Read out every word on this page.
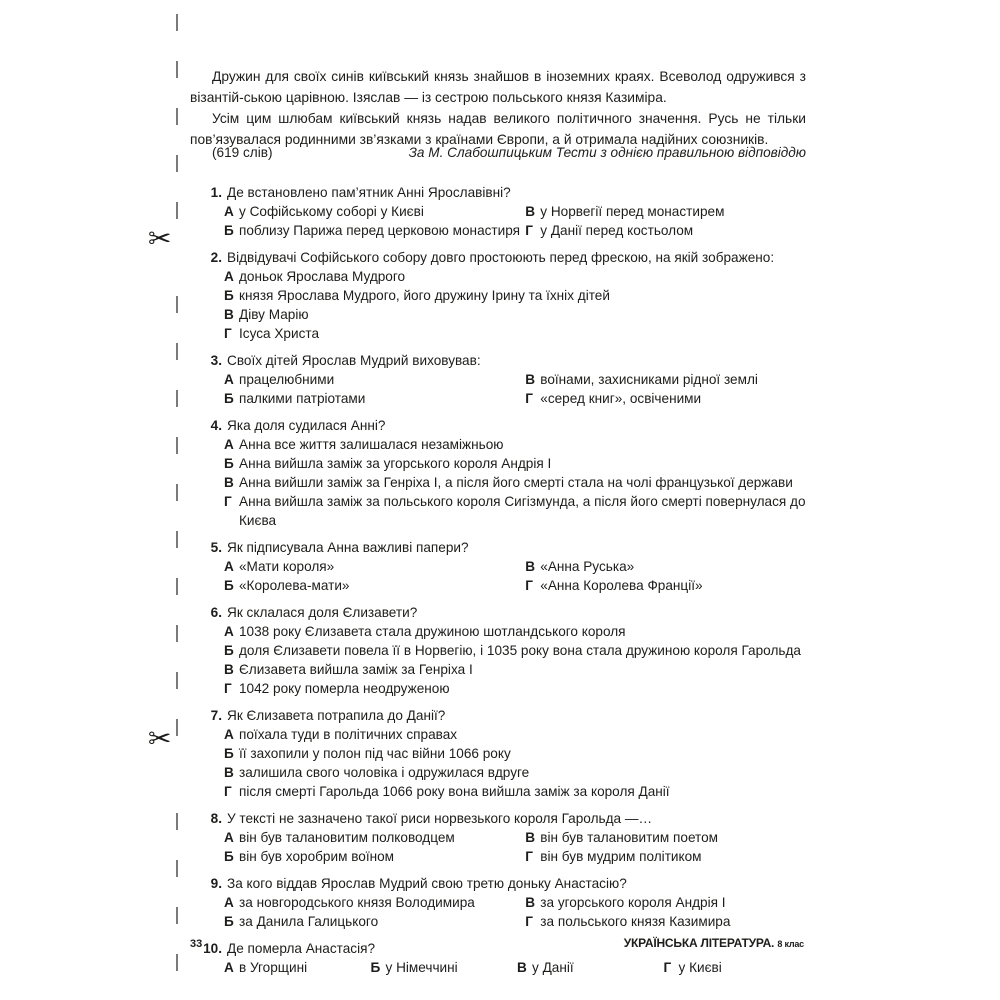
✂
✂

Дружин для своїх синів київський князь знайшов в іноземних краях. Всеволод одружився з візантій-ською царівною. Ізяслав — із сестрою польського князя Казиміра.

Усім цим шлюбам київський князь надав великого політичного значення. Русь не тільки пов’язувалася родинними зв’язками з країнами Європи, а й отримала надійних союзників.

(619 слів)	За М. Слабошпицьким Тести з однією правильною відповіддю
1. Де встановлено пам’ятник Анні Ярославівні?
А у Софійському соборі у Києві	В у Норвегії перед монастирем
Б поблизу Парижа перед церковою монастиря Г у Данії перед костьолом
2. Відвідувачі Софійського собору довго простоюють перед фрескою, на якій зображено:
А доньок Ярослава Мудрого
Б князя Ярослава Мудрого, його дружину Ірину та їхніх дітей
В Діву Марію
Г Ісуса Христа
3. Своїх дітей Ярослав Мудрий виховував:
А працелюбними	В воїнами, захисниками рідної землі
Б палкими патріотами	Г «серед книг», освіченими
4. Яка доля судилася Анні?
А Анна все життя залишалася незаміжньою
Б Анна вийшла заміж за угорського короля Андрія І
В Анна вийшли заміж за Генріха І, а після його смерті стала на чолі французької держави
Г Анна вийшла заміж за польського короля Сигізмунда, а після його смерті повернулася до Києва
5. Як підписувала Анна важливі папери?
А «Мати короля»	В «Анна Руська»
Б «Королева-мати»	Г «Анна Королева Франції»
6. Як склалася доля Єлизавети?
А 1038 року Єлизавета стала дружиною шотландського короля
Б доля Єлизавети повела її в Норвегію, і 1035 року вона стала дружиною короля Гарольда
В Єлизавета вийшла заміж за Генріха І
Г 1042 року померла неодруженою
7. Як Єлизавета потрапила до Данії?
А поїхала туди в політичних справах
Б її захопили у полон під час війни 1066 року
В залишила свого чоловіка і одружилася вдруге
Г після смерті Гарольда 1066 року вона вийшла заміж за короля Данії
8. У тексті не зазначено такої риси норвезького короля Гарольда —…
А він був талановитим полководцем	В він був талановитим поетом
Б він був хоробрим воїном	Г він був мудрим політиком
9. За кого віддав Ярослав Мудрий свою третю доньку Анастасію?
А за новгородського князя Володимира	В за угорського короля Андрія І
Б за Данила Галицького	Г за польського князя Казимира
10. Де померла Анастасія?
А в Угорщині	Б у Німеччині	В у Данії	Г у Києві
33	УКРАЇНСЬКА ЛІТЕРАТУРА. 8 клас
